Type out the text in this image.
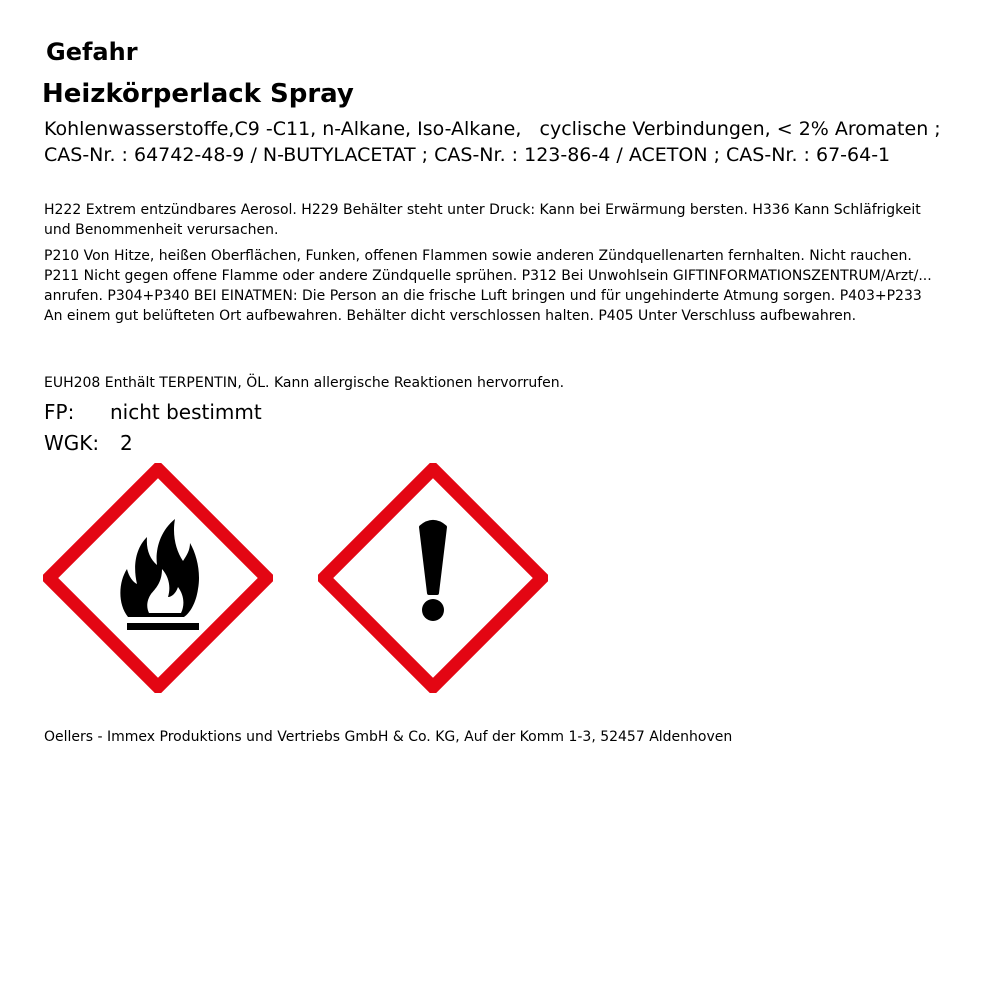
Gefahr
Heizkörperlack Spray
Kohlenwasserstoffe,C9 -C11, n-Alkane, Iso-Alkane,   cyclische Verbindungen, < 2% Aromaten ; CAS-Nr. : 64742-48-9 / N-BUTYLACETAT ; CAS-Nr. : 123-86-4 / ACETON ; CAS-Nr. : 67-64-1
H222 Extrem entzündbares Aerosol. H229 Behälter steht unter Druck: Kann bei Erwärmung bersten. H336 Kann Schläfrigkeit und Benommenheit verursachen.
P210 Von Hitze, heißen Oberflächen, Funken, offenen Flammen sowie anderen Zündquellenarten fernhalten. Nicht rauchen. P211 Nicht gegen offene Flamme oder andere Zündquelle sprühen. P312 Bei Unwohlsein GIFTINFORMATIONSZENTRUM/Arzt/... anrufen. P304+P340 BEI EINATMEN: Die Person an die frische Luft bringen und für ungehinderte Atmung sorgen. P403+P233 An einem gut belüfteten Ort aufbewahren. Behälter dicht verschlossen halten. P405 Unter Verschluss aufbewahren.
EUH208 Enthält TERPENTIN, ÖL. Kann allergische Reaktionen hervorrufen.
FP: nicht bestimmt
WGK: 2
Oellers - Immex Produktions und Vertriebs GmbH & Co. KG, Auf der Komm 1-3, 52457 Aldenhoven
